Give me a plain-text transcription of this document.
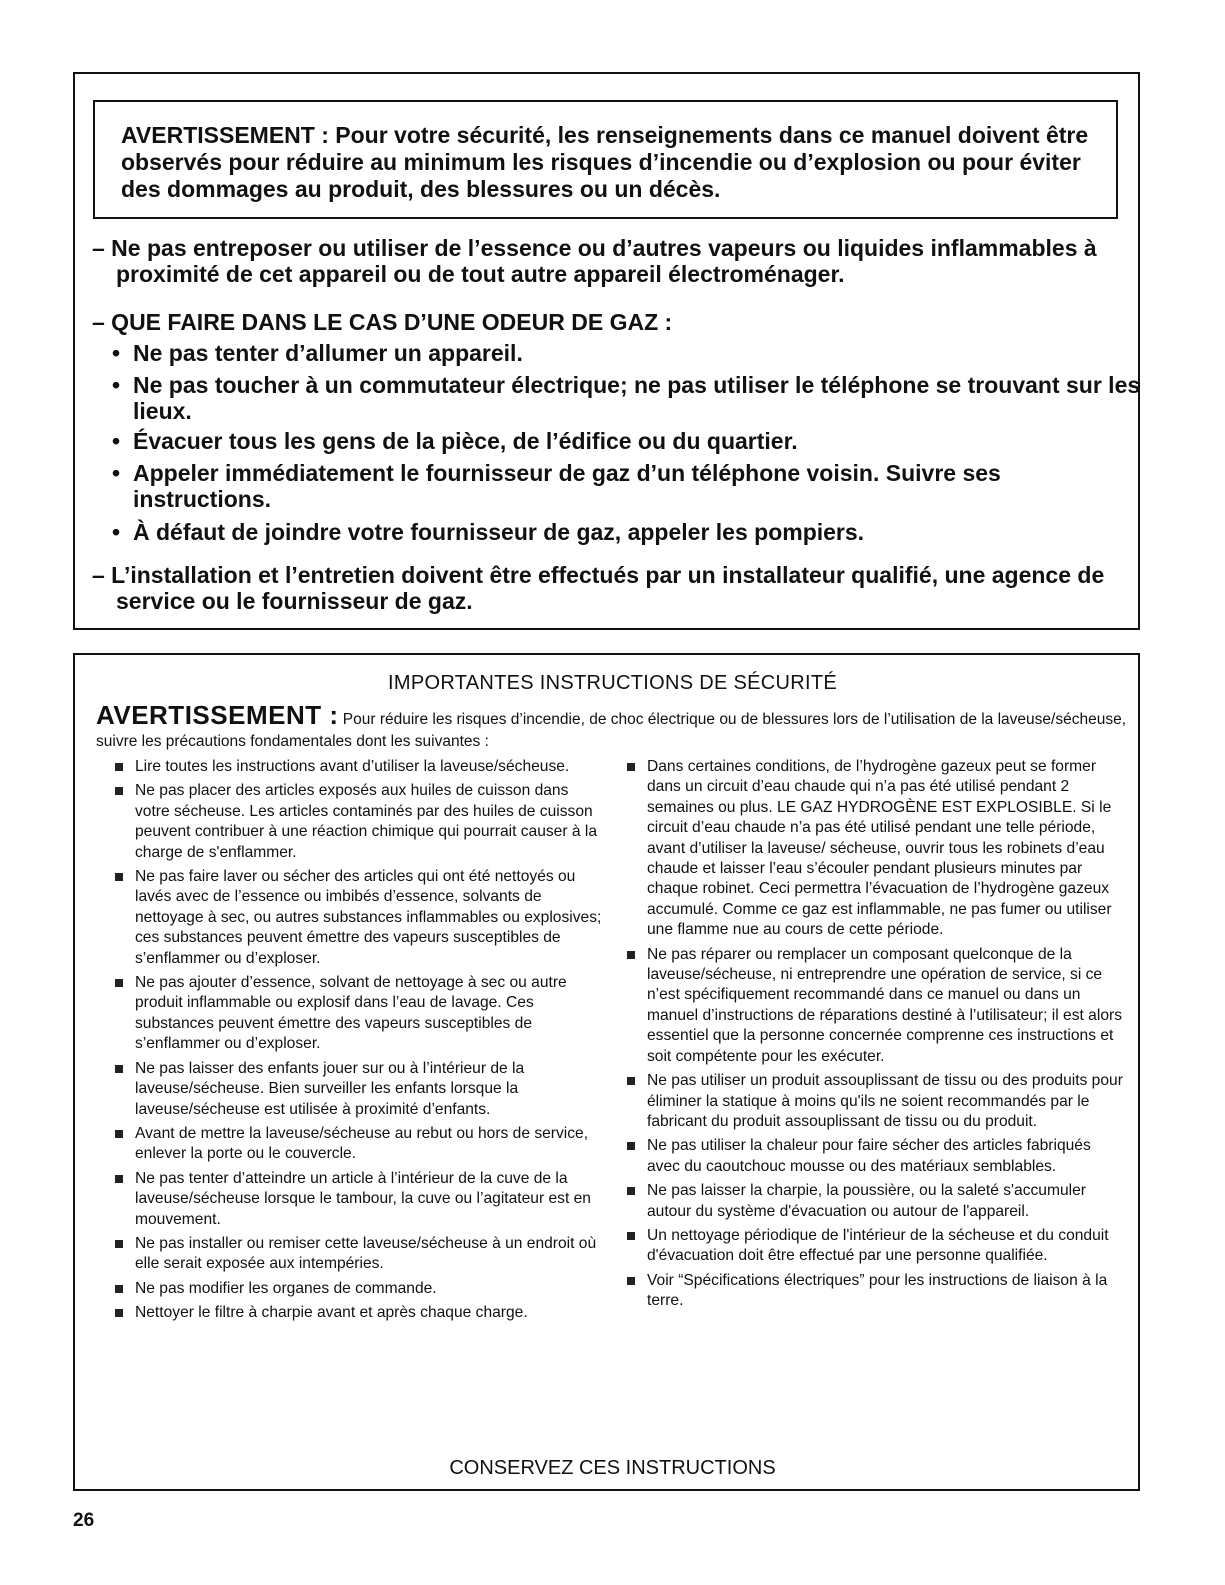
AVERTISSEMENT : Pour votre sécurité, les renseignements dans ce manuel doivent être observés pour réduire au minimum les risques d’incendie ou d’explosion ou pour éviter des dommages au produit, des blessures ou un décès.

– Ne pas entreposer ou utiliser de l’essence ou d’autres vapeurs ou liquides inflammables à proximité de cet appareil ou de tout autre appareil électroménager.

– QUE FAIRE DANS LE CAS D’UNE ODEUR DE GAZ :

• Ne pas tenter d’allumer un appareil.

• Ne pas toucher à un commutateur électrique; ne pas utiliser le téléphone se trouvant sur les lieux.

• Évacuer tous les gens de la pièce, de l’édifice ou du quartier.

• Appeler immédiatement le fournisseur de gaz d’un téléphone voisin. Suivre ses instructions.

• À défaut de joindre votre fournisseur de gaz, appeler les pompiers.

– L’installation et l’entretien doivent être effectués par un installateur qualifié, une agence de service ou le fournisseur de gaz.

IMPORTANTES INSTRUCTIONS DE SÉCURITÉ

AVERTISSEMENT : Pour réduire les risques d’incendie, de choc électrique ou de blessures lors de l’utilisation de la laveuse/sécheuse, suivre les précautions fondamentales dont les suivantes :

Lire toutes les instructions avant d’utiliser la laveuse/sécheuse.
Ne pas placer des articles exposés aux huiles de cuisson dans votre sécheuse. Les articles contaminés par des huiles de cuisson peuvent contribuer à une réaction chimique qui pourrait causer à la charge de s'enflammer.
Ne pas faire laver ou sécher des articles qui ont été nettoyés ou lavés avec de l’essence ou imbibés d’essence, solvants de nettoyage à sec, ou autres substances inflammables ou explosives; ces substances peuvent émettre des vapeurs susceptibles de s’enflammer ou d’exploser.
Ne pas ajouter d’essence, solvant de nettoyage à sec ou autre produit inflammable ou explosif dans l’eau de lavage. Ces substances peuvent émettre des vapeurs susceptibles de s’enflammer ou d’exploser.
Ne pas laisser des enfants jouer sur ou à l’intérieur de la laveuse/sécheuse. Bien surveiller les enfants lorsque la laveuse/sécheuse est utilisée à proximité d’enfants.
Avant de mettre la laveuse/sécheuse au rebut ou hors de service, enlever la porte ou le couvercle.
Ne pas tenter d’atteindre un article à l’intérieur de la cuve de la laveuse/sécheuse lorsque le tambour, la cuve ou l’agitateur est en mouvement.
Ne pas installer ou remiser cette laveuse/sécheuse à un endroit où elle serait exposée aux intempéries.
Ne pas modifier les organes de commande.
Nettoyer le filtre à charpie avant et après chaque charge.
Dans certaines conditions, de l’hydrogène gazeux peut se former dans un circuit d’eau chaude qui n’a pas été utilisé pendant 2 semaines ou plus. LE GAZ HYDROGÈNE EST EXPLOSIBLE. Si le circuit d’eau chaude n’a pas été utilisé pendant une telle période, avant d’utiliser la laveuse/ sécheuse, ouvrir tous les robinets d’eau chaude et laisser l’eau s’écouler pendant plusieurs minutes par chaque robinet. Ceci permettra l’évacuation de l’hydrogène gazeux accumulé. Comme ce gaz est inflammable, ne pas fumer ou utiliser une flamme nue au cours de cette période.
Ne pas réparer ou remplacer un composant quelconque de la laveuse/sécheuse, ni entreprendre une opération de service, si ce n’est spécifiquement recommandé dans ce manuel ou dans un manuel d’instructions de réparations destiné à l’utilisateur; il est alors essentiel que la personne concernée comprenne ces instructions et soit compétente pour les exécuter.
Ne pas utiliser un produit assouplissant de tissu ou des produits pour éliminer la statique à moins qu'ils ne soient recommandés par le fabricant du produit assouplissant de tissu ou du produit.
Ne pas utiliser la chaleur pour faire sécher des articles fabriqués avec du caoutchouc mousse ou des matériaux semblables.
Ne pas laisser la charpie, la poussière, ou la saleté s'accumuler autour du système d'évacuation ou autour de l'appareil.
Un nettoyage périodique de l'intérieur de la sécheuse et du conduit d'évacuation doit être effectué par une personne qualifiée.
Voir “Spécifications électriques” pour les instructions de liaison à la terre.

CONSERVEZ CES INSTRUCTIONS

26
